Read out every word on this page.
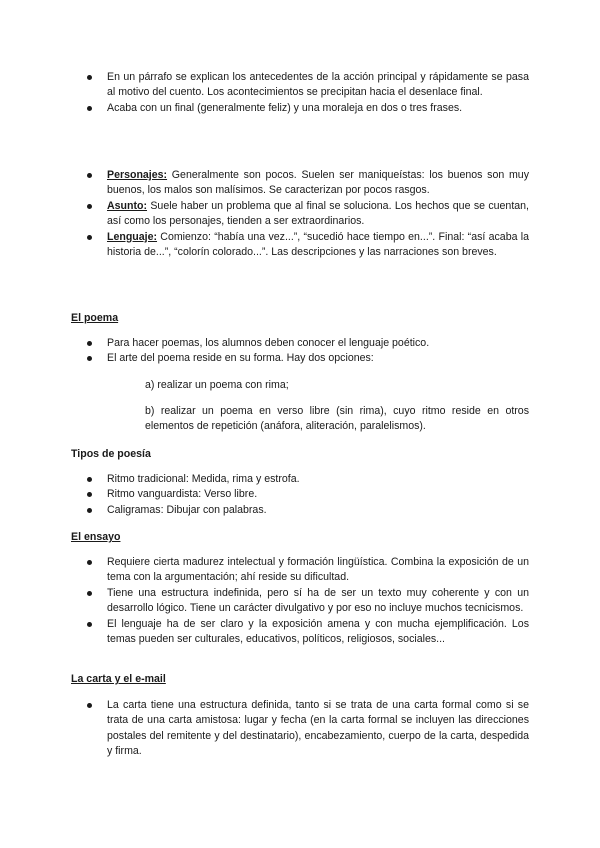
En un párrafo se explican los antecedentes de la acción principal y rápidamente se pasa al motivo del cuento. Los acontecimientos se precipitan hacia el desenlace final.
Acaba con un final (generalmente feliz) y una moraleja en dos o tres frases.
Personajes: Generalmente son pocos. Suelen ser maniqueístas: los buenos son muy buenos, los malos son malísimos. Se caracterizan por pocos rasgos.
Asunto: Suele haber un problema que al final se soluciona. Los hechos que se cuentan, así como los personajes, tienden a ser extraordinarios.
Lenguaje: Comienzo: “había una vez...”, “sucedió hace tiempo en...”. Final: “así acaba la historia de...”, “colorín colorado...”. Las descripciones y las narraciones son breves.
El poema
Para hacer poemas, los alumnos deben conocer el lenguaje poético.
El arte del poema reside en su forma. Hay dos opciones:
a) realizar un poema con rima;
b) realizar un poema en verso libre (sin rima), cuyo ritmo reside en otros elementos de repetición (anáfora, aliteración, paralelismos).
Tipos de poesía
Ritmo tradicional: Medida, rima y estrofa.
Ritmo vanguardista: Verso libre.
Caligramas: Dibujar con palabras.
El ensayo
Requiere cierta madurez intelectual y formación lingüística. Combina la exposición de un tema con la argumentación; ahí reside su dificultad.
Tiene una estructura indefinida, pero sí ha de ser un texto muy coherente y con un desarrollo lógico. Tiene un carácter divulgativo y por eso no incluye muchos tecnicismos.
El lenguaje ha de ser claro y la exposición amena y con mucha ejemplificación. Los temas pueden ser culturales, educativos, políticos, religiosos, sociales...
La carta y el e-mail
La carta tiene una estructura definida, tanto si se trata de una carta formal como si se trata de una carta amistosa: lugar y fecha (en la carta formal se incluyen las direcciones postales del remitente y del destinatario), encabezamiento, cuerpo de la carta, despedida y firma.
